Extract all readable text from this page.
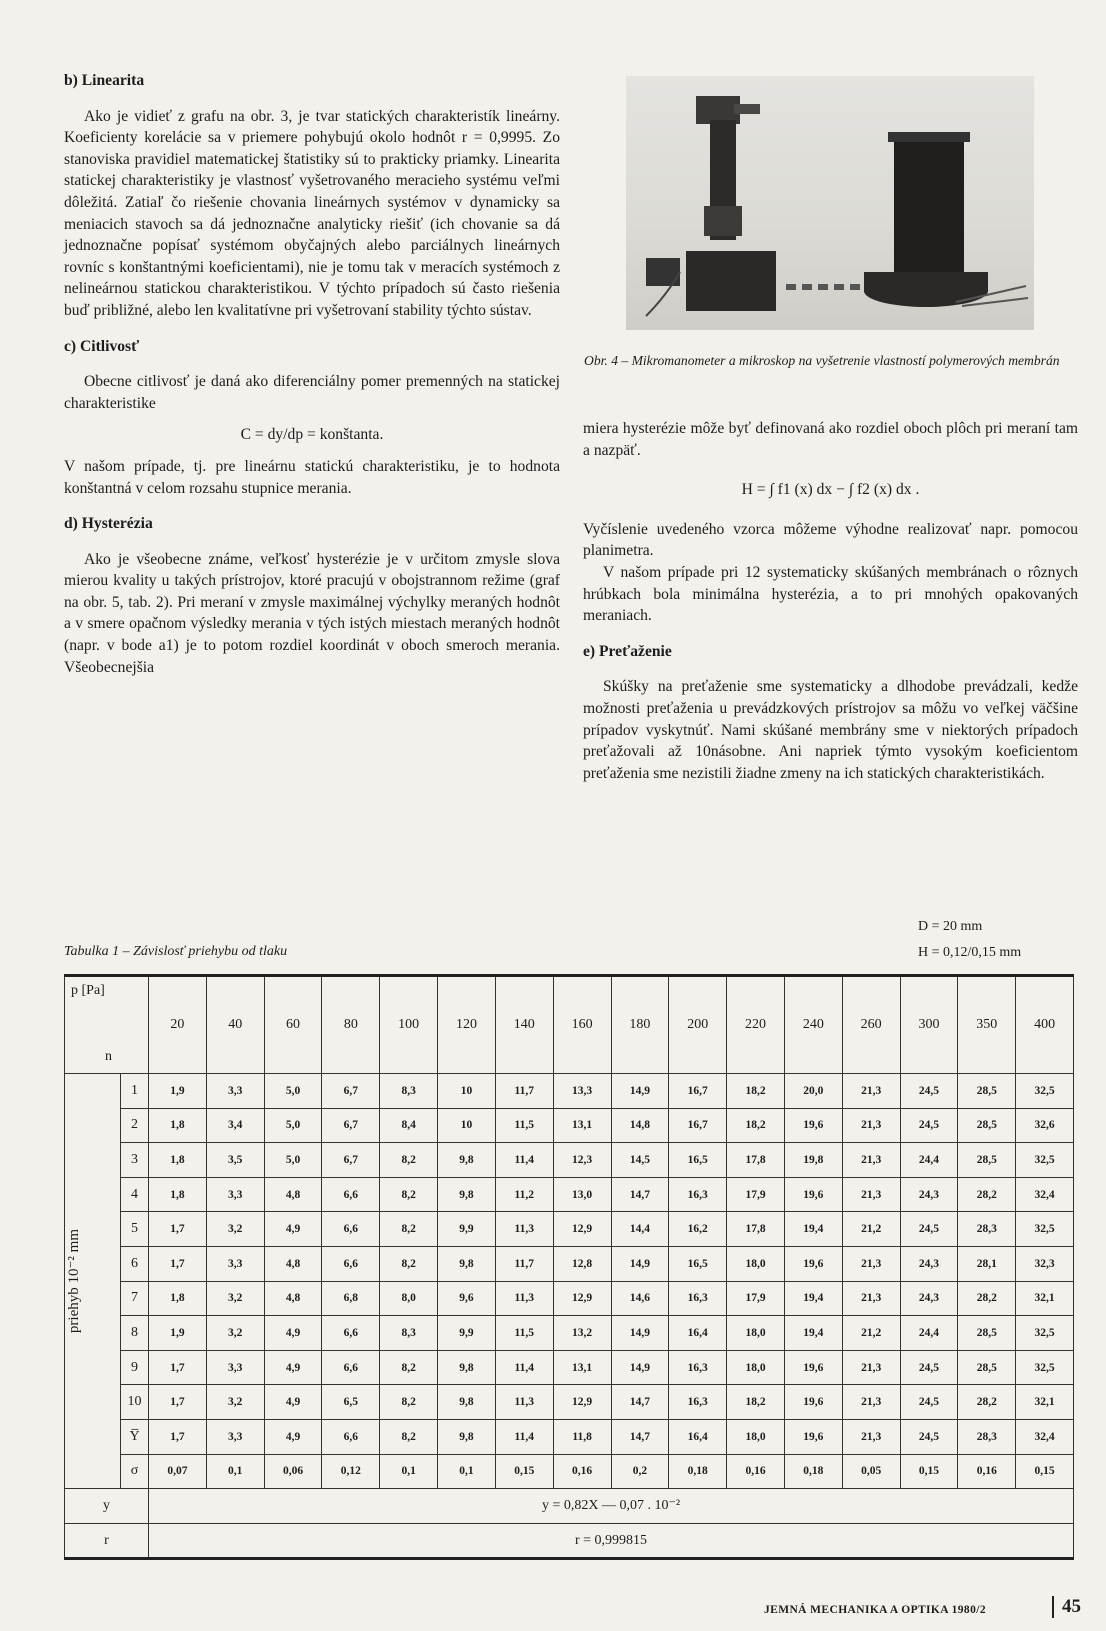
b) Linearita

Ako je vidieť z grafu na obr. 3, je tvar statických charakteristík lineárny. Koeficienty korelácie sa v priemere pohybujú okolo hodnôt r = 0,9995. Zo stanoviska pravidiel matematickej štatistiky sú to prakticky priamky. Linearita statickej charakteristiky je vlastnosť vyšetrovaného meracieho systému veľmi dôležitá. Zatiaľ čo riešenie chovania lineárnych systémov v dynamicky sa meniacich stavoch sa dá jednoznačne analyticky riešiť (ich chovanie sa dá jednoznačne popísať systémom obyčajných alebo parciálnych lineárnych rovníc s konštantnými koeficientami), nie je tomu tak v meracích systémoch z nelineárnou statickou charakteristikou. V týchto prípadoch sú často riešenia buď približné, alebo len kvalitatívne pri vyšetrovaní stability týchto sústav.

c) Citlivosť

Obecne citlivosť je daná ako diferenciálny pomer premenných na statickej charakteristike

C = dy/dp = konštanta.

V našom prípade, tj. pre lineárnu statickú charakteristiku, je to hodnota konštantná v celom rozsahu stupnice merania.

d) Hysterézia

Ako je všeobecne známe, veľkosť hysterézie je v určitom zmysle slova mierou kvality u takých prístrojov, ktoré pracujú v obojstrannom režime (graf na obr. 5, tab. 2). Pri meraní v zmysle maximálnej výchylky meraných hodnôt a v smere opačnom výsledky merania v tých istých miestach meraných hodnôt (napr. v bode a1) je to potom rozdiel koordinát v oboch smeroch merania. Všeobecnejšia

Obr. 4 – Mikromanometer a mikroskop na vyšetrenie vlastností polymerových membrán

miera hysterézie môže byť definovaná ako rozdiel oboch plôch pri meraní tam a nazpäť.

H = ∫ f1 (x) dx − ∫ f2 (x) dx .

Vyčíslenie uvedeného vzorca môžeme výhodne realizovať napr. pomocou planimetra.

V našom prípade pri 12 systematicky skúšaných membránach o rôznych hrúbkach bola minimálna hysterézia, a to pri mnohých opakovaných meraniach.

e) Preťaženie

Skúšky na preťaženie sme systematicky a dlhodobe prevádzali, kedže možnosti preťaženia u prevádzkových prístrojov sa môžu vo veľkej väčšine prípadov vyskytnúť. Nami skúšané membrány sme v niektorých prípadoch preťažovali až 10násobne. Ani napriek týmto vysokým koeficientom preťaženia sme nezistili žiadne zmeny na ich statických charakteristikách.

D = 20 mm
H = 0,12/0,15 mm
Tabulka 1 – Závislosť priehybu od tlaku
p [Pa]
n		20	40	60	80	100	120	140	160	180	200	220	240	260	300	350	400

priehyb 10⁻² mm	1	1,9	3,3	5,0	6,7	8,3	10	11,7	13,3	14,9	16,7	18,2	20,0	21,3	24,5	28,5	32,5
	2	1,8	3,4	5,0	6,7	8,4	10	11,5	13,1	14,8	16,7	18,2	19,6	21,3	24,5	28,5	32,6
	3	1,8	3,5	5,0	6,7	8,2	9,8	11,4	12,3	14,5	16,5	17,8	19,8	21,3	24,4	28,5	32,5
	4	1,8	3,3	4,8	6,6	8,2	9,8	11,2	13,0	14,7	16,3	17,9	19,6	21,3	24,3	28,2	32,4
	5	1,7	3,2	4,9	6,6	8,2	9,9	11,3	12,9	14,4	16,2	17,8	19,4	21,2	24,5	28,3	32,5
	6	1,7	3,3	4,8	6,6	8,2	9,8	11,7	12,8	14,9	16,5	18,0	19,6	21,3	24,3	28,1	32,3
	7	1,8	3,2	4,8	6,8	8,0	9,6	11,3	12,9	14,6	16,3	17,9	19,4	21,3	24,3	28,2	32,1
	8	1,9	3,2	4,9	6,6	8,3	9,9	11,5	13,2	14,9	16,4	18,0	19,4	21,2	24,4	28,5	32,5
	9	1,7	3,3	4,9	6,6	8,2	9,8	11,4	13,1	14,9	16,3	18,0	19,6	21,3	24,5	28,5	32,5
	10	1,7	3,2	4,9	6,5	8,2	9,8	11,3	12,9	14,7	16,3	18,2	19,6	21,3	24,5	28,2	32,1
	Y̅	1,7	3,3	4,9	6,6	8,2	9,8	11,4	11,8	14,7	16,4	18,0	19,6	21,3	24,5	28,3	32,4
	σ	0,07	0,1	0,06	0,12	0,1	0,1	0,15	0,16	0,2	0,18	0,16	0,18	0,05	0,15	0,16	0,15
y		y = 0,82X — 0,07 . 10⁻²															
r		r = 0,999815															
JEMNÁ MECHANIKA A OPTIKA 1980/2	45
